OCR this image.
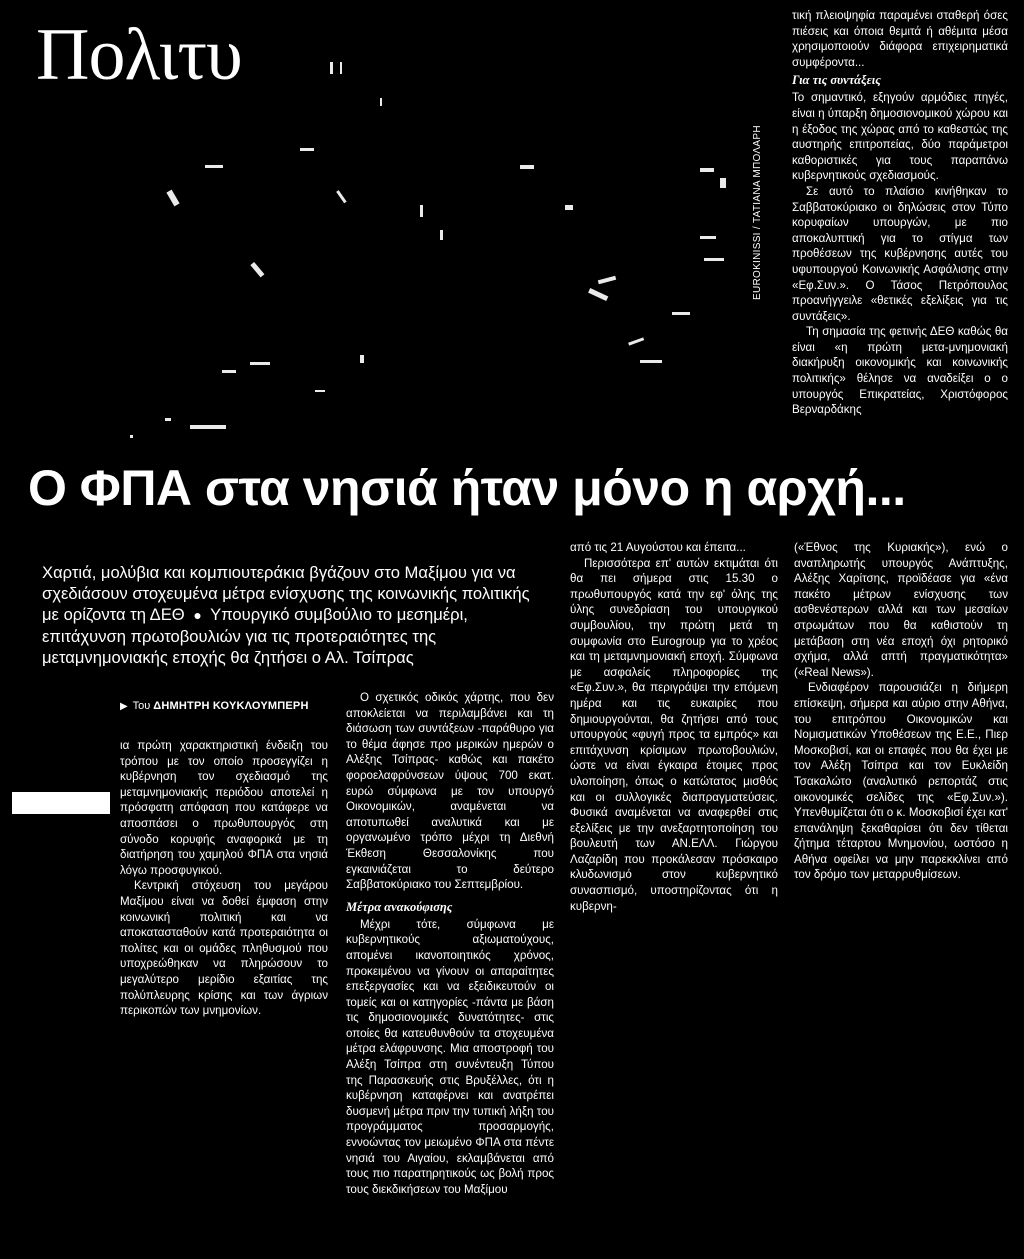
Πολιτυ
EUROKINISSI / ΤΑΤΙΑΝΑ ΜΠΟΛΑΡΗ

τική πλειοψηφία παραμένει σταθερή όσες πιέσεις και όποια θεμιτά ή αθέμιτα μέσα χρησιμοποιούν διάφορα επιχειρηματικά συμφέροντα...

Για τις συντάξεις

Το σημαντικό, εξηγούν αρμόδιες πηγές, είναι η ύπαρξη δημοσιονομικού χώρου και η έξοδος της χώρας από το καθεστώς της αυστηρής επιτροπείας, δύο παράμετροι καθοριστικές για τους παραπάνω κυβερνητικούς σχεδιασμούς.

Σε αυτό το πλαίσιο κινήθηκαν το Σαββατοκύριακο οι δηλώσεις στον Τύπο κορυφαίων υπουργών, με πιο αποκαλυπτική για το στίγμα των προθέσεων της κυβέρνησης αυτές του υφυπουργού Κοινωνικής Ασφάλισης στην «Εφ.Συν.». Ο Τάσος Πετρόπουλος προανήγγειλε «θετικές εξελίξεις για τις συντάξεις».

Τη σημασία της φετινής ΔΕΘ καθώς θα είναι «η πρώτη μετα-μνημονιακή διακήρυξη οικονομικής και κοινωνικής πολιτικής» θέλησε να αναδείξει ο ο υπουργός Επικρατείας, Χριστόφορος Βερναρδάκης

Ο ΦΠΑ στα νησιά ήταν μόνο η αρχή...

Χαρτιά, μολύβια και κομπιουτεράκια βγάζουν στο Μαξίμου για να σχεδιάσουν στοχευμένα μέτρα ενίσχυσης της κοινωνικής πολιτικής με ορίζοντα τη ΔΕΘ ● Υπουργικό συμβούλιο το μεσημέρι, επιτάχυνση πρωτοβουλιών για τις προτεραιότητες της μεταμνημονιακής εποχής θα ζητήσει ο Αλ. Τσίπρας

▶ Του ΔΗΜΗΤΡΗ ΚΟΥΚΛΟΥΜΠΕΡΗ

ια πρώτη χαρακτηριστική ένδειξη του τρόπου με τον οποίο προσεγγίζει η κυβέρνηση τον σχεδιασμό της μεταμνημονιακής περιόδου αποτελεί η πρόσφατη απόφαση που κατάφερε να αποσπάσει ο πρωθυπουργός στη σύνοδο κορυφής αναφορικά με τη διατήρηση του χαμηλού ΦΠΑ στα νησιά λόγω προσφυγικού.

Κεντρική στόχευση του μεγάρου Μαξίμου είναι να δοθεί έμφαση στην κοινωνική πολιτική και να αποκατασταθούν κατά προτεραιότητα οι πολίτες και οι ομάδες πληθυσμού που υποχρεώθηκαν να πληρώσουν το μεγαλύτερο μερίδιο εξαιτίας της πολύπλευρης κρίσης και των άγριων περικοπών των μνημονίων.

Ο σχετικός οδικός χάρτης, που δεν αποκλείεται να περιλαμβάνει και τη διάσωση των συντάξεων -παράθυρο για το θέμα άφησε προ μερικών ημερών ο Αλέξης Τσίπρας- καθώς και πακέτο φοροελαφρύνσεων ύψους 700 εκατ. ευρώ σύμφωνα με τον υπουργό Οικονομικών, αναμένεται να αποτυπωθεί αναλυτικά και με οργανωμένο τρόπο μέχρι τη Διεθνή Έκθεση Θεσσαλονίκης που εγκαινιάζεται το δεύτερο Σαββατοκύριακο του Σεπτεμβρίου.

Μέτρα ανακούφισης

Μέχρι τότε, σύμφωνα με κυβερνητικούς αξιωματούχους, απομένει ικανοποιητικός χρόνος, προκειμένου να γίνουν οι απαραίτητες επεξεργασίες και να εξειδικευτούν οι τομείς και οι κατηγορίες -πάντα με βάση τις δημοσιονομικές δυνατότητες- στις οποίες θα κατευθυνθούν τα στοχευμένα μέτρα ελάφρυνσης. Μια αποστροφή του Αλέξη Τσίπρα στη συνέντευξη Τύπου της Παρασκευής στις Βρυξέλλες, ότι η κυβέρνηση καταφέρνει και ανατρέπει δυσμενή μέτρα πριν την τυπική λήξη του προγράμματος προσαρμογής, εννοώντας τον μειωμένο ΦΠΑ στα πέντε νησιά του Αιγαίου, εκλαμβάνεται από τους πιο παρατηρητικούς ως βολή προς τους διεκδικήσεων του Μαξίμου

από τις 21 Αυγούστου και έπειτα...

Περισσότερα επ' αυτών εκτιμάται ότι θα πει σήμερα στις 15.30 ο πρωθυπουργός κατά την εφ' όλης της ύλης συνεδρίαση του υπουργικού συμβουλίου, την πρώτη μετά τη συμφωνία στο Eurogroup για το χρέος και τη μεταμνημονιακή εποχή. Σύμφωνα με ασφαλείς πληροφορίες της «Εφ.Συν.», θα περιγράψει την επόμενη ημέρα και τις ευκαιρίες που δημιουργούνται, θα ζητήσει από τους υπουργούς «φυγή προς τα εμπρός» και επιτάχυνση κρίσιμων πρωτοβουλιών, ώστε να είναι έγκαιρα έτοιμες προς υλοποίηση, όπως ο κατώτατος μισθός και οι συλλογικές διαπραγματεύσεις. Φυσικά αναμένεται να αναφερθεί στις εξελίξεις με την ανεξαρτητοποίηση του βουλευτή των ΑΝ.ΕΛΛ. Γιώργου Λαζαρίδη που προκάλεσαν πρόσκαιρο κλυδωνισμό στον κυβερνητικό συνασπισμό, υποστηρίζοντας ότι η κυβερνη-

(«Έθνος της Κυριακής»), ενώ ο αναπληρωτής υπουργός Ανάπτυξης, Αλέξης Χαρίτσης, προϊδέασε για «ένα πακέτο μέτρων ενίσχυσης των ασθενέστερων αλλά και των μεσαίων στρωμάτων που θα καθιστούν τη μετάβαση στη νέα εποχή όχι ρητορικό σχήμα, αλλά απτή πραγματικότητα» («Real News»).

Ενδιαφέρον παρουσιάζει η διήμερη επίσκεψη, σήμερα και αύριο στην Αθήνα, του επιτρόπου Οικονομικών και Νομισματικών Υποθέσεων της Ε.Ε., Πιερ Μοσκοβισί, και οι επαφές που θα έχει με τον Αλέξη Τσίπρα και τον Ευκλείδη Τσακαλώτο (αναλυτικό ρεπορτάζ στις οικονομικές σελίδες της «Εφ.Συν.»). Υπενθυμίζεται ότι ο κ. Μοσκοβισί έχει κατ' επανάληψη ξεκαθαρίσει ότι δεν τίθεται ζήτημα τέταρτου Μνημονίου, ωστόσο η Αθήνα οφείλει να μην παρεκκλίνει από τον δρόμο των μεταρρυθμίσεων.
